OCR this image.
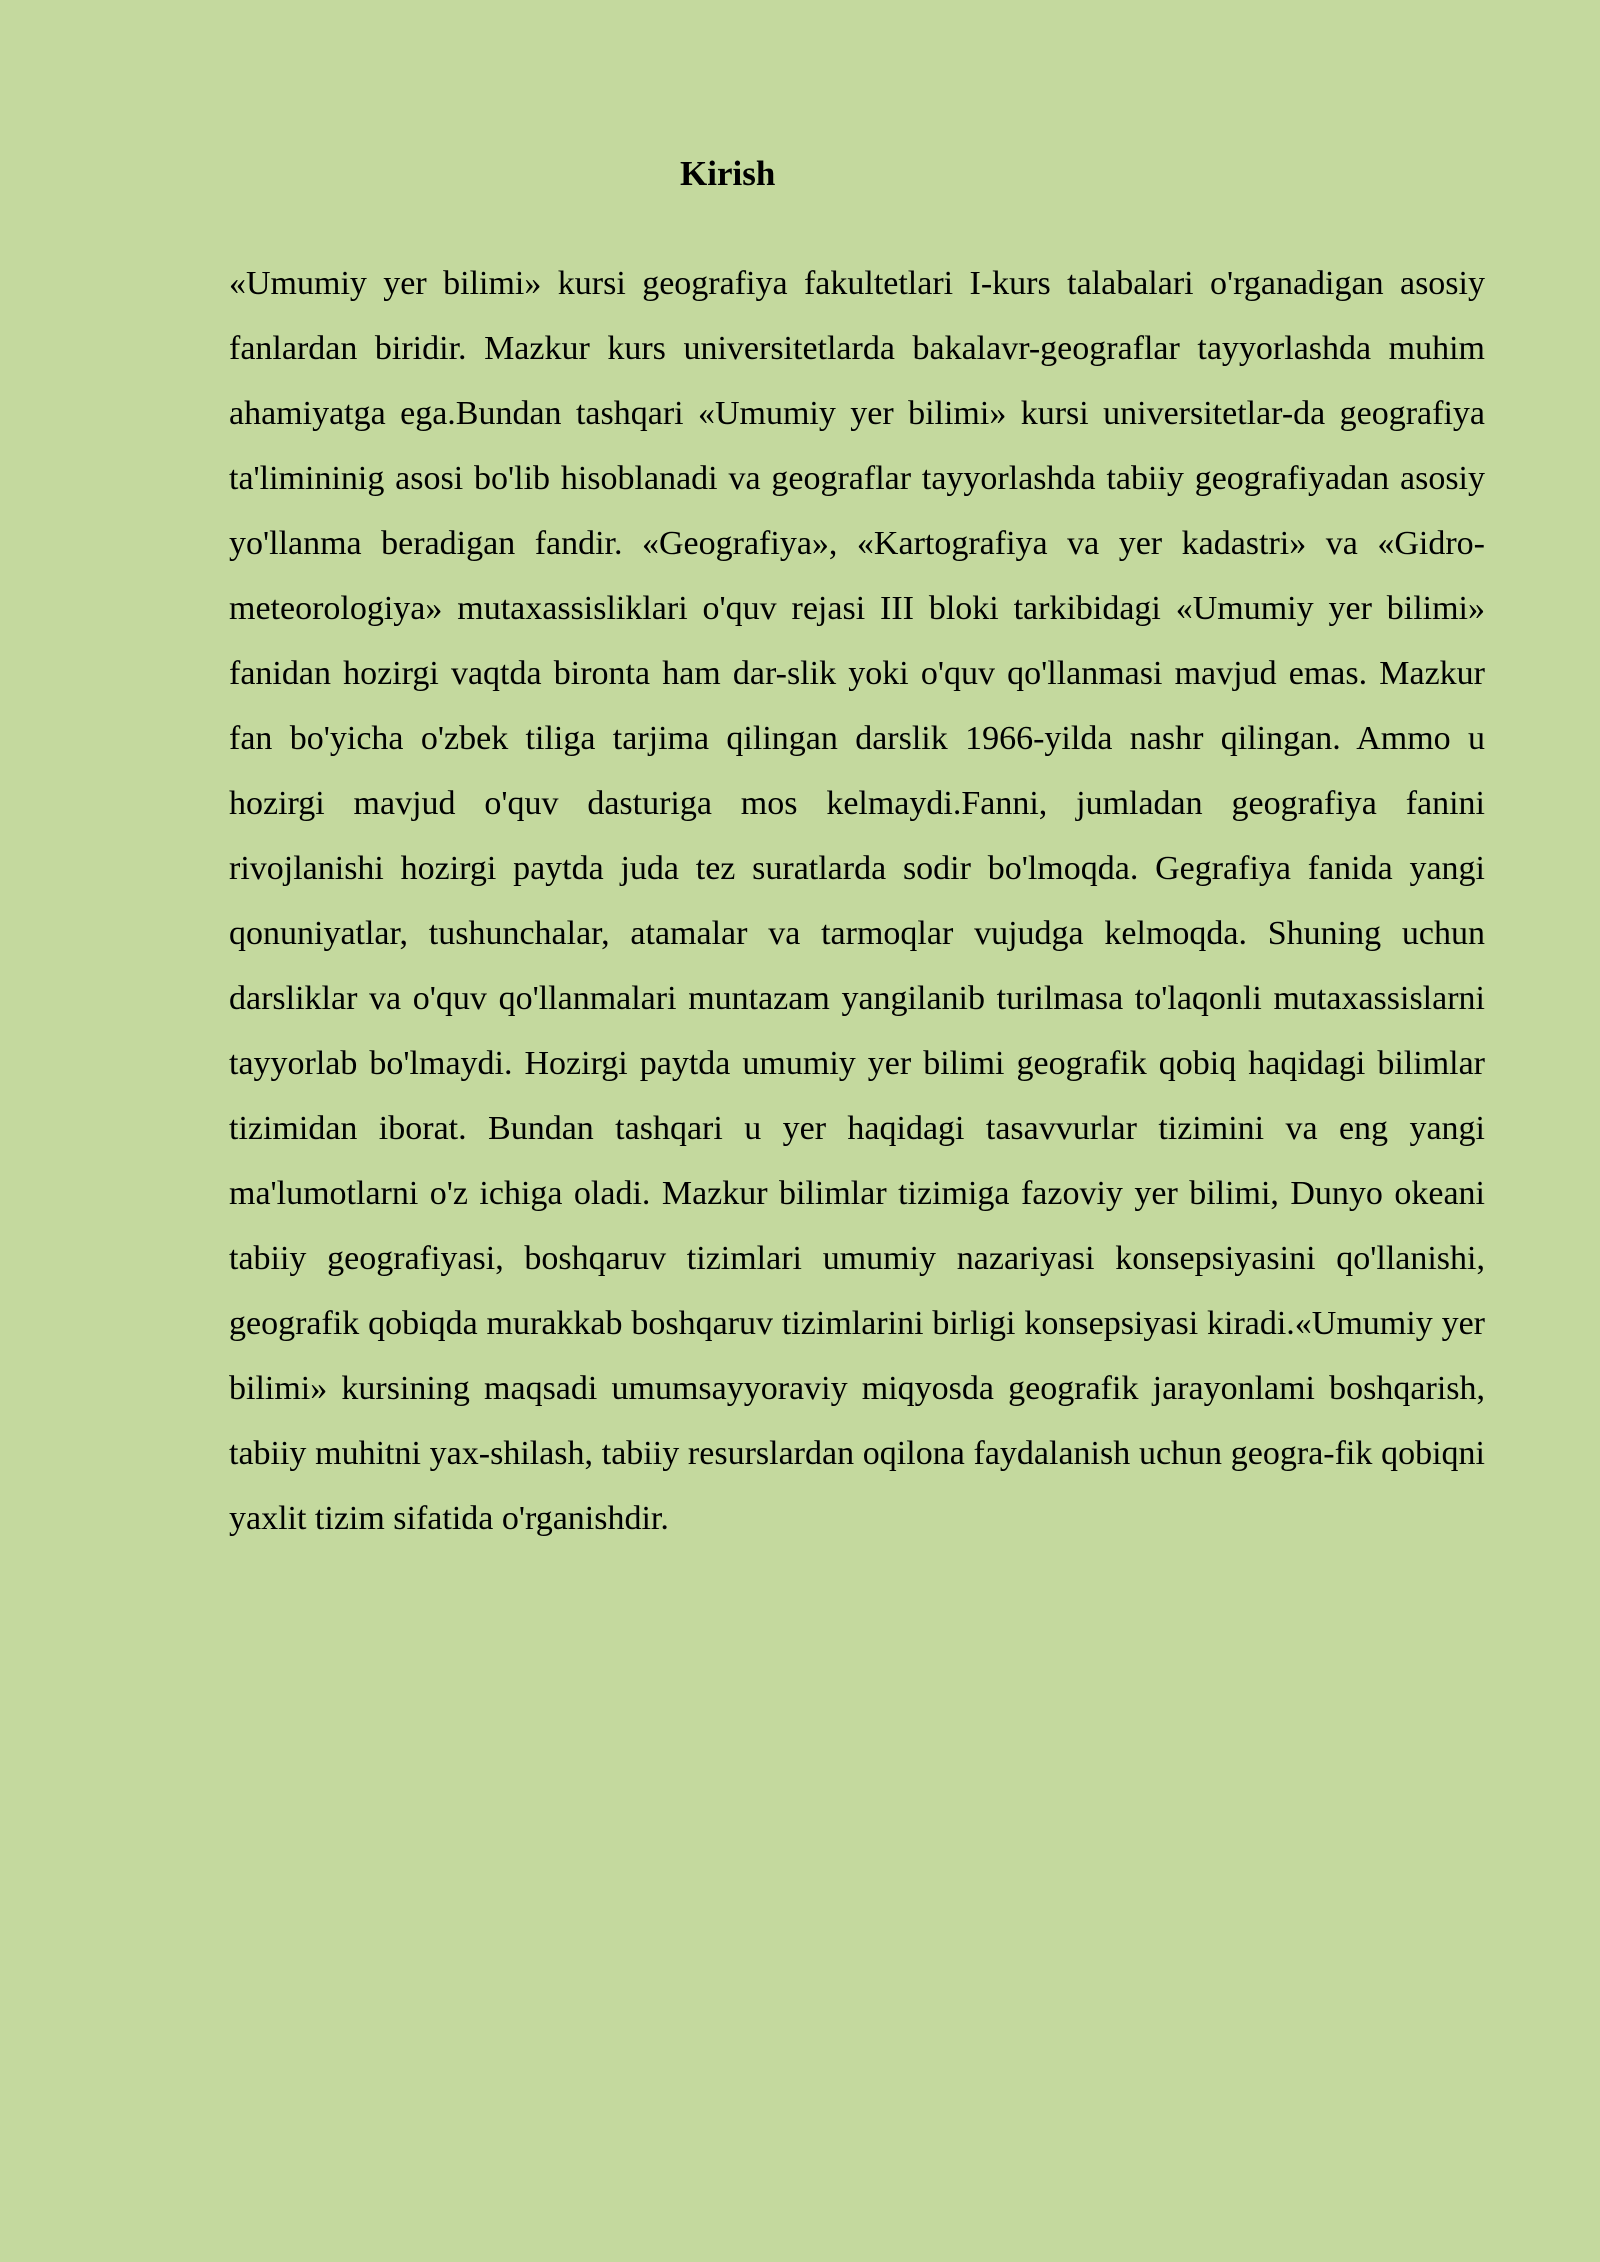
Kirish

«Umumiy yer bilimi» kursi geografiya fakultetlari I-kurs talabalari o'rganadigan asosiy fanlardan biridir. Mazkur kurs universitetlarda bakalavr-geograflar tayyorlashda muhim ahamiyatga ega.Bundan tashqari «Umumiy yer bilimi» kursi universitetlar-da geografiya ta'limininig asosi bo'lib hisoblanadi va geograflar tayyorlashda tabiiy geografiyadan asosiy yo'llanma beradigan fandir. «Geografiya», «Kartografiya va yer kadastri» va «Gidro-meteorologiya» mutaxassisliklari o'quv rejasi III bloki tarkibidagi «Umumiy yer bilimi» fanidan hozirgi vaqtda bironta ham dar-slik yoki o'quv qo'llanmasi mavjud emas. Mazkur fan bo'yicha o'zbek tiliga tarjima qilingan darslik 1966-yilda nashr qilingan. Ammo u hozirgi mavjud o'quv dasturiga mos kelmaydi.Fanni, jumladan geografiya fanini rivojlanishi hozirgi paytda juda tez suratlarda sodir bo'lmoqda. Gegrafiya fanida yangi qonuniyatlar, tushunchalar, atamalar va tarmoqlar vujudga kelmoqda. Shuning uchun darsliklar va o'quv qo'llanmalari muntazam yangilanib turilmasa to'laqonli mutaxassislarni tayyorlab bo'lmaydi. Hozirgi paytda umumiy yer bilimi geografik qobiq haqidagi bilimlar tizimidan iborat. Bundan tashqari u yer haqidagi tasavvurlar tizimini va eng yangi ma'lumotlarni o'z ichiga oladi. Mazkur bilimlar tizimiga fazoviy yer bilimi, Dunyo okeani tabiiy geografiyasi, boshqaruv tizimlari umumiy nazariyasi konsepsiyasini qo'llanishi, geografik qobiqda murakkab boshqaruv tizimlarini birligi konsepsiyasi kiradi.«Umumiy yer bilimi» kursining maqsadi umumsayyoraviy miqyosda geografik jarayonlami boshqarish, tabiiy muhitni yax-shilash, tabiiy resurslardan oqilona faydalanish uchun geogra-fik qobiqni yaxlit tizim sifatida o'rganishdir.
